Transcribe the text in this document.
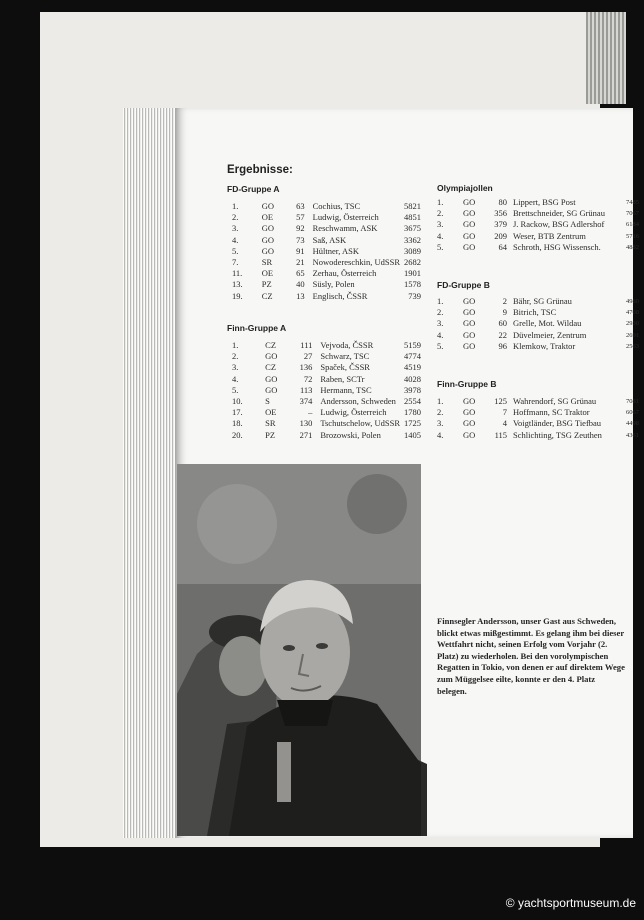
Ergebnisse:
FD-Gruppe A
1.	GO	63	Cochius, TSC	5821
2.	OE	57	Ludwig, Österreich	4851
3.	GO	92	Reschwamm, ASK	3675
4.	GO	73	Saß, ASK	3362
5.	GO	91	Hültner, ASK	3089
7.	SR	21	Nowodereschkin, UdSSR	2682
11.	OE	65	Zerhau, Österreich	1901
13.	PZ	40	Süsly, Polen	1578
19.	CZ	13	Englisch, ČSSR	739
Finn-Gruppe A
1.	CZ	111	Vejvoda, ČSSR	5159
2.	GO	27	Schwarz, TSC	4774
3.	CZ	136	Spaček, ČSSR	4519
4.	GO	72	Raben, SCTr	4028
5.	GO	113	Hermann, TSC	3978
10.	S	374	Andersson, Schweden	2554
17.	OE	–	Ludwig, Österreich	1780
18.	SR	130	Tschutschelow, UdSSR	1725
20.	PZ	271	Brozowski, Polen	1405
Olympiajollen
1.	GO	80	Lippert, BSG Post	7485
2.	GO	356	Brettschneider, SG Grünau	7067
3.	GO	379	J. Rackow, BSG Adlershof	6184
4.	GO	209	Weser, BTB Zentrum	5716
5.	GO	64	Schroth, HSG Wissensch.	4882
FD-Gruppe B
1.	GO	2	Bähr, SG Grünau	4980
2.	GO	9	Bitrich, TSC	4708
3.	GO	60	Grelle, Mot. Wildau	2930
4.	GO	22	Düvelmeier, Zentrum	2691
5.	GO	96	Klemkow, Traktor	2563
Finn-Gruppe B
1.	GO	125	Wahrendorf, SG Grünau	7081
2.	GO	7	Hoffmann, SC Traktor	6067
3.	GO	4	Voigtländer, BSG Tiefbau	4498
4.	GO	115	Schlichting, TSG Zeuthen	4361

Finnsegler Andersson, unser Gast aus Schweden, blickt etwas mißgestimmt. Es gelang ihm bei dieser Wettfahrt nicht, seinen Erfolg vom Vorjahr (2. Platz) zu wiederholen. Bei den vorolympischen Regatten in Tokio, von denen er auf direktem Wege zum Müggelsee eilte, konnte er den 4. Platz belegen.

© yachtsportmuseum.de
